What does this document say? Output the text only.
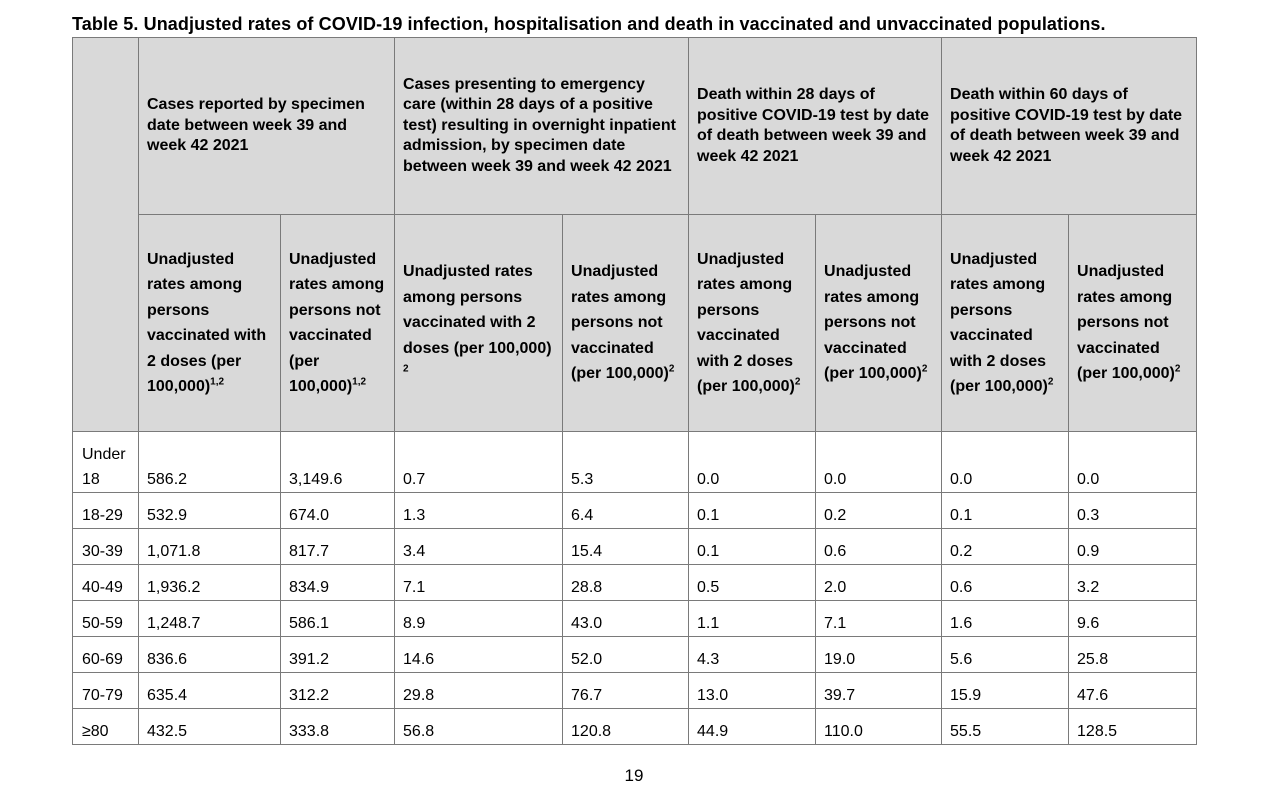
Table 5. Unadjusted rates of COVID-19 infection, hospitalisation and death in vaccinated and unvaccinated populations.
	Cases reported by specimen date between week 39 and week 42 2021		Cases presenting to emergency care (within 28 days of a positive test) resulting in overnight inpatient admission, by specimen date between week 39 and week 42 2021		Death within 28 days of positive COVID-19 test by date of death between week 39 and week 42 2021		Death within 60 days of positive COVID-19 test by date of death between week 39 and week 42 2021	
	Unadjusted rates among persons vaccinated with 2 doses (per 100,000)$^{1,2}$	Unadjusted rates among persons not vaccinated (per 100,000)$^{1,2}$	Unadjusted rates among persons vaccinated with 2 doses (per 100,000) $^2$	Unadjusted rates among persons not vaccinated (per 100,000)$^2$	Unadjusted rates among persons vaccinated with 2 doses (per 100,000)$^2$	Unadjusted rates among persons not vaccinated (per 100,000)$^2$	Unadjusted rates among persons vaccinated with 2 doses (per 100,000)$^2$	Unadjusted rates among persons not vaccinated (per 100,000)$^2$
Under 18	586.2	3,149.6	0.7	5.3	0.0	0.0	0.0	0.0
18-29	532.9	674.0	1.3	6.4	0.1	0.2	0.1	0.3
30-39	1,071.8	817.7	3.4	15.4	0.1	0.6	0.2	0.9
40-49	1,936.2	834.9	7.1	28.8	0.5	2.0	0.6	3.2
50-59	1,248.7	586.1	8.9	43.0	1.1	7.1	1.6	9.6
60-69	836.6	391.2	14.6	52.0	4.3	19.0	5.6	25.8
70-79	635.4	312.2	29.8	76.7	13.0	39.7	15.9	47.6
≥80	432.5	333.8	56.8	120.8	44.9	110.0	55.5	128.5
19
